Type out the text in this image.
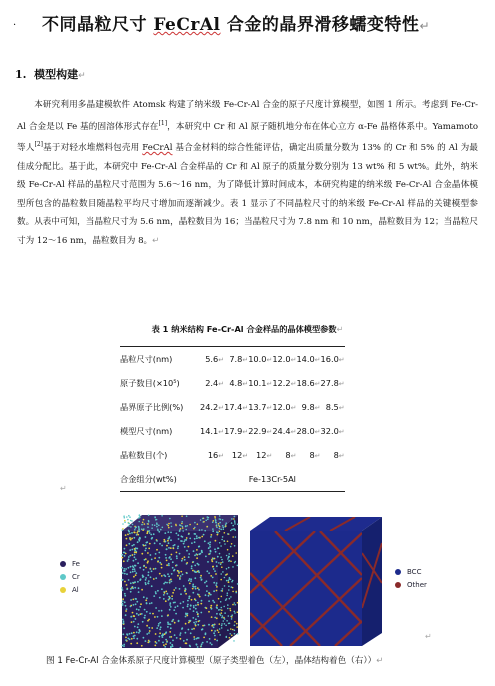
· 不同晶粒尺寸 FeCrAl 合金的晶界滑移蠕变特性↵
1. 模型构建↵

本研究利用多晶建模软件 Atomsk 构建了纳米级 Fe-Cr-Al 合金的原子尺度计算模型，如图 1 所示。考虑到 Fe-Cr-Al 合金是以 Fe 基的固溶体形式存在[1]，本研究中 Cr 和 Al 原子随机地分布在体心立方 α-Fe 晶格体系中。Yamamoto 等人[2]基于对轻水堆燃料包壳用 FeCrAl 基合金材料的综合性能评估，确定出质量分数为 13% 的 Cr 和 5% 的 Al 为最佳成分配比。基于此，本研究中 Fe-Cr-Al 合金样品的 Cr 和 Al 原子的质量分数分别为 13 wt% 和 5 wt%。此外，纳米级 Fe-Cr-Al 样品的晶粒尺寸范围为 5.6～16 nm，为了降低计算时间成本，本研究构建的纳米级 Fe-Cr-Al 合金晶体模型所包含的晶粒数目随晶粒平均尺寸增加而逐渐减少。表 1 显示了不同晶粒尺寸的纳米级 Fe-Cr-Al 样品的关键模型参数。从表中可知，当晶粒尺寸为 5.6 nm，晶粒数目为 16；当晶粒尺寸为 7.8 nm 和 10 nm，晶粒数目为 12；当晶粒尺寸为 12～16 nm，晶粒数目为 8。↵

表 1 纳米结构 Fe-Cr-Al 合金样品的晶体模型参数↵
晶粒尺寸(nm)	5.6↵	7.8↵	10.0↵	12.0↵	14.0↵	16.0↵
原子数目(×10⁵)	2.4↵	4.8↵	10.1↵	12.2↵	18.6↵	27.8↵
晶界原子比例(%)	24.2↵	17.4↵	13.7↵	12.0↵	9.8↵	8.5↵
模型尺寸(nm)	14.1↵	17.9↵	22.9↵	24.4↵	28.0↵	32.0↵
晶粒数目(个)	16↵	12↵	12↵	8↵	8↵	8↵
合金组分(wt%)	Fe-13Cr-5Al					
↵
Fe
Cr
Al
BCC
Other
↵
图 1 Fe-Cr-Al 合金体系原子尺度计算模型（原子类型着色（左），晶体结构着色（右））↵
